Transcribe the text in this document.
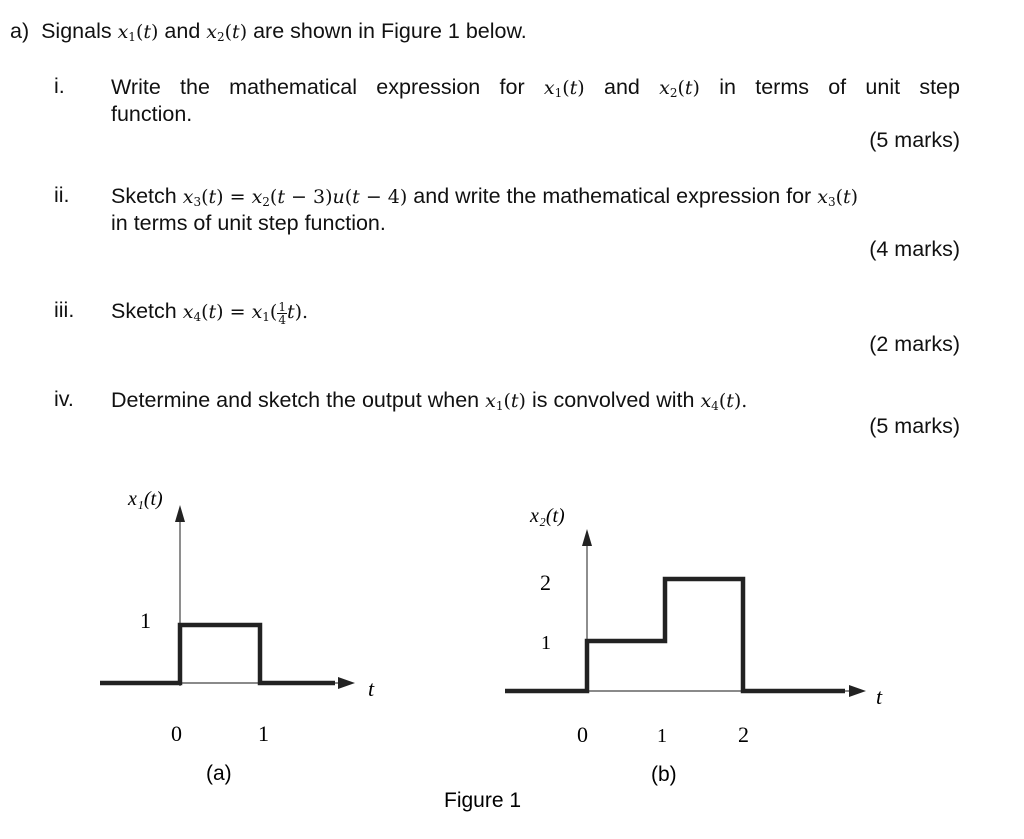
a) Signals $x_1(t)$ and $x_2(t)$ are shown in Figure 1 below.
i. Write the mathematical expression for $x_1(t)$ and $x_2(t)$ in terms of unit step
function.
(5 marks)
ii. Sketch $x_3(t) = x_2(t - 3)u(t - 4)$ and write the mathematical expression for $x_3(t)$
in terms of unit step function.
(4 marks)
iii. Sketch $x_4(t) = x_1( \frac{1}{4} t)$.
(2 marks)
iv. Determine and sketch the output when $x_1(t)$ is convolved with $x_4(t)$.
(5 marks)
x₁(t)
1
t
0	1
(a)
x₂(t)
2
1
t
0	1	2
(b)
Figure 1
